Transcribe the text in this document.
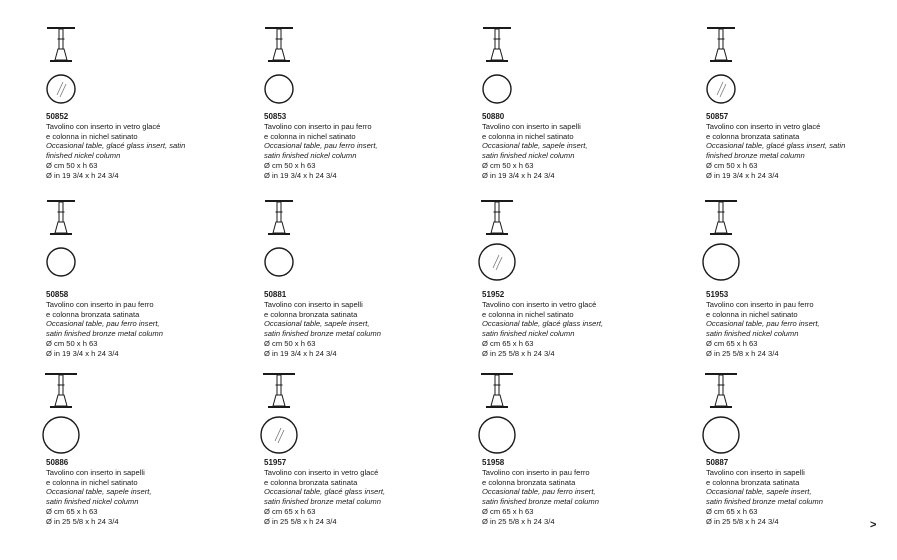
50852
Tavolino con inserto in vetro glacé
e colonna in nichel satinato
Occasional table, glacé glass insert, satin
finished nickel column
Ø cm 50 x h 63
Ø in 19 3/4 x h 24 3/4
50853
Tavolino con inserto in pau ferro
e colonna in nichel satinato
Occasional table, pau ferro insert,
satin finished nickel column
Ø cm 50 x h 63
Ø in 19 3/4 x h 24 3/4
50880
Tavolino con inserto in sapelli
e colonna in nichel satinato
Occasional table, sapele insert,
satin finished nickel column
Ø cm 50 x h 63
Ø in 19 3/4 x h 24 3/4
50857
Tavolino con inserto in vetro glacé
e colonna bronzata satinata
Occasional table, glacé glass insert, satin
finished bronze metal column
Ø cm 50 x h 63
Ø in 19 3/4 x h 24 3/4
50858
Tavolino con inserto in pau ferro
e colonna bronzata satinata
Occasional table, pau ferro insert,
satin finished bronze metal column
Ø cm 50 x h 63
Ø in 19 3/4 x h 24 3/4
50881
Tavolino con inserto in sapelli
e colonna bronzata satinata
Occasional table, sapele insert,
satin finished bronze metal column
Ø cm 50 x h 63
Ø in 19 3/4 x h 24 3/4
51952
Tavolino con inserto in vetro glacé
e colonna in nichel satinato
Occasional table, glacé glass insert,
satin finished nickel column
Ø cm 65 x h 63
Ø in 25 5/8 x h 24 3/4
51953
Tavolino con inserto in pau ferro
e colonna in nichel satinato
Occasional table, pau ferro insert,
satin finished nickel column
Ø cm 65 x h 63
Ø in 25 5/8 x h 24 3/4
50886
Tavolino con inserto in sapelli
e colonna in nichel satinato
Occasional table, sapele insert,
satin finished nickel column
Ø cm 65 x h 63
Ø in 25 5/8 x h 24 3/4
51957
Tavolino con inserto in vetro glacé
e colonna bronzata satinata
Occasional table, glacé glass insert,
satin finished bronze metal column
Ø cm 65 x h 63
Ø in 25 5/8 x h 24 3/4
51958
Tavolino con inserto in pau ferro
e colonna bronzata satinata
Occasional table, pau ferro insert,
satin finished bronze metal column
Ø cm 65 x h 63
Ø in 25 5/8 x h 24 3/4
50887
Tavolino con inserto in sapelli
e colonna bronzata satinata
Occasional table, sapele insert,
satin finished bronze metal column
Ø cm 65 x h 63
Ø in 25 5/8 x h 24 3/4	>
